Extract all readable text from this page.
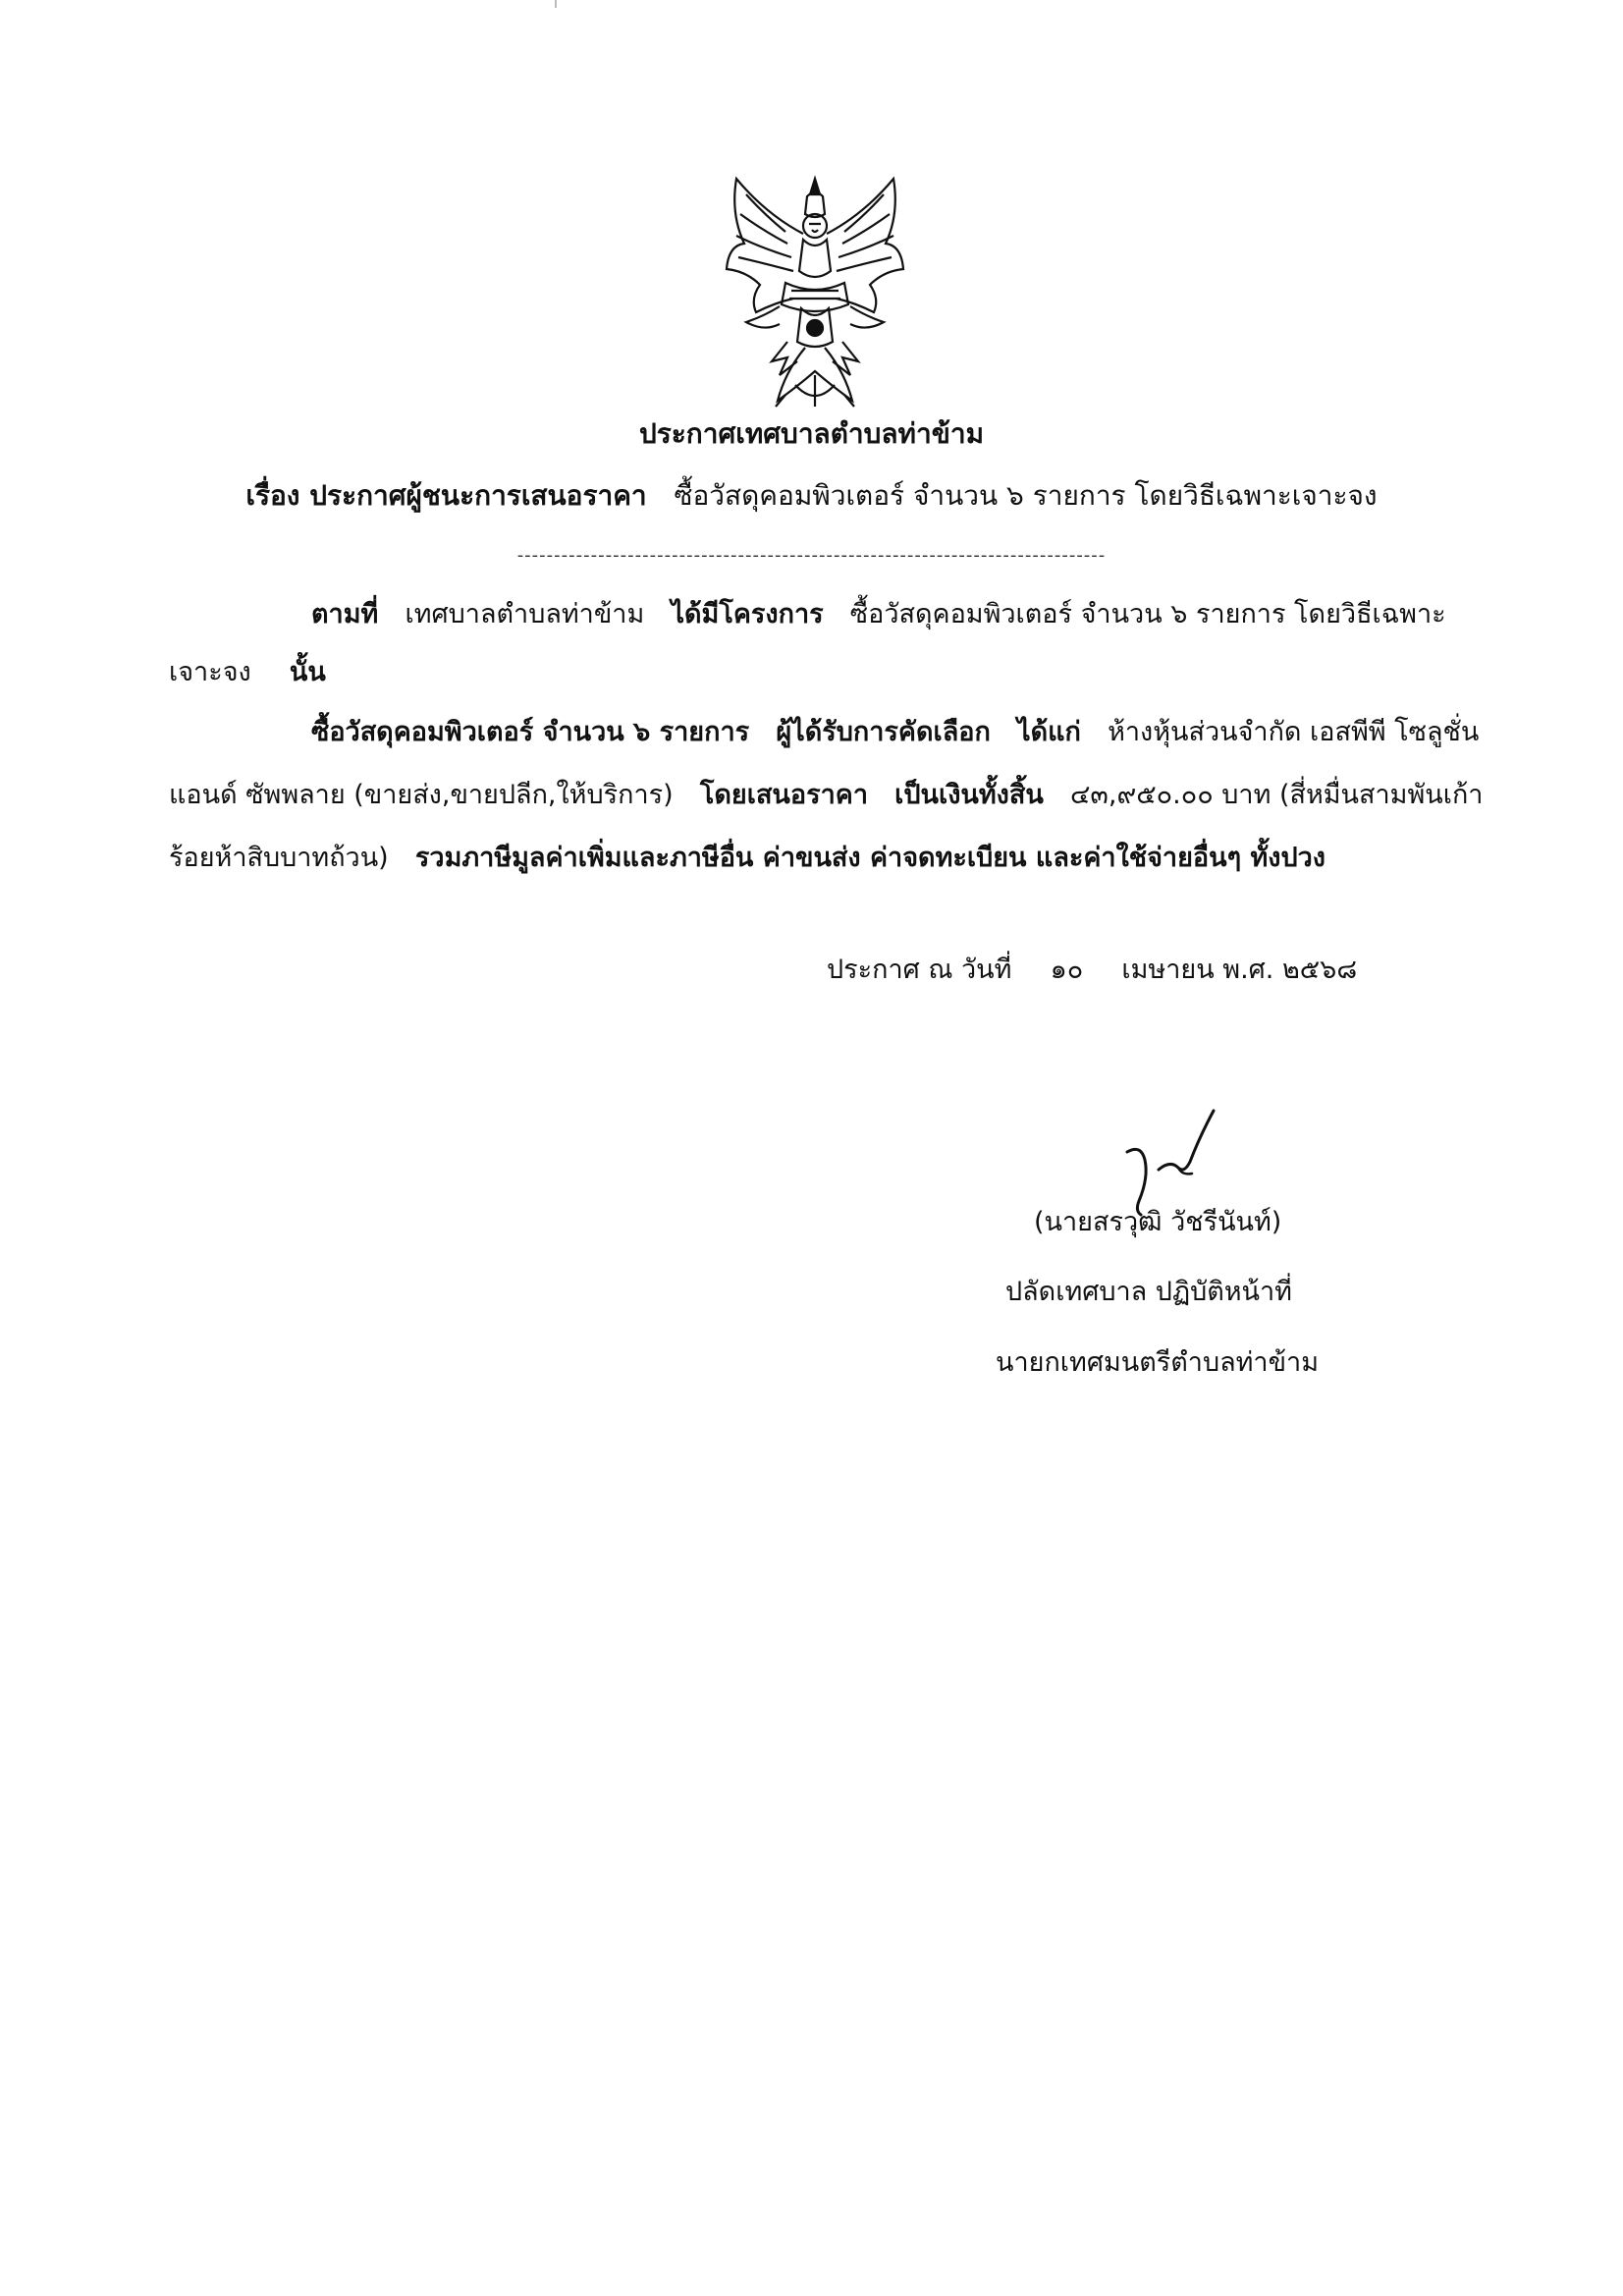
ประกาศเทศบาลตำบลท่าข้าม
เรื่อง ประกาศผู้ชนะการเสนอราคา ซื้อวัสดุคอมพิวเตอร์ จำนวน ๖ รายการ โดยวิธีเฉพาะเจาะจง
--------------------------------------------------------------------------------
ตามที่ เทศบาลตำบลท่าข้าม ได้มีโครงการ ซื้อวัสดุคอมพิวเตอร์ จำนวน ๖ รายการ โดยวิธีเฉพาะ
เจาะจง นั้น
ซื้อวัสดุคอมพิวเตอร์ จำนวน ๖ รายการ ผู้ได้รับการคัดเลือก ได้แก่ ห้างหุ้นส่วนจำกัด เอสพีพี โซลูชั่น
แอนด์ ซัพพลาย (ขายส่ง,ขายปลีก,ให้บริการ) โดยเสนอราคา เป็นเงินทั้งสิ้น ๔๓,๙๕๐.๐๐ บาท (สี่หมื่นสามพันเก้า
ร้อยห้าสิบบาทถ้วน) รวมภาษีมูลค่าเพิ่มและภาษีอื่น ค่าขนส่ง ค่าจดทะเบียน และค่าใช้จ่ายอื่นๆ ทั้งปวง
ประกาศ ณ วันที่ ๑๐ เมษายน พ.ศ. ๒๕๖๘
(นายสรวุฒิ วัชรีนันท์)
ปลัดเทศบาล ปฏิบัติหน้าที่
นายกเทศมนตรีตำบลท่าข้าม
